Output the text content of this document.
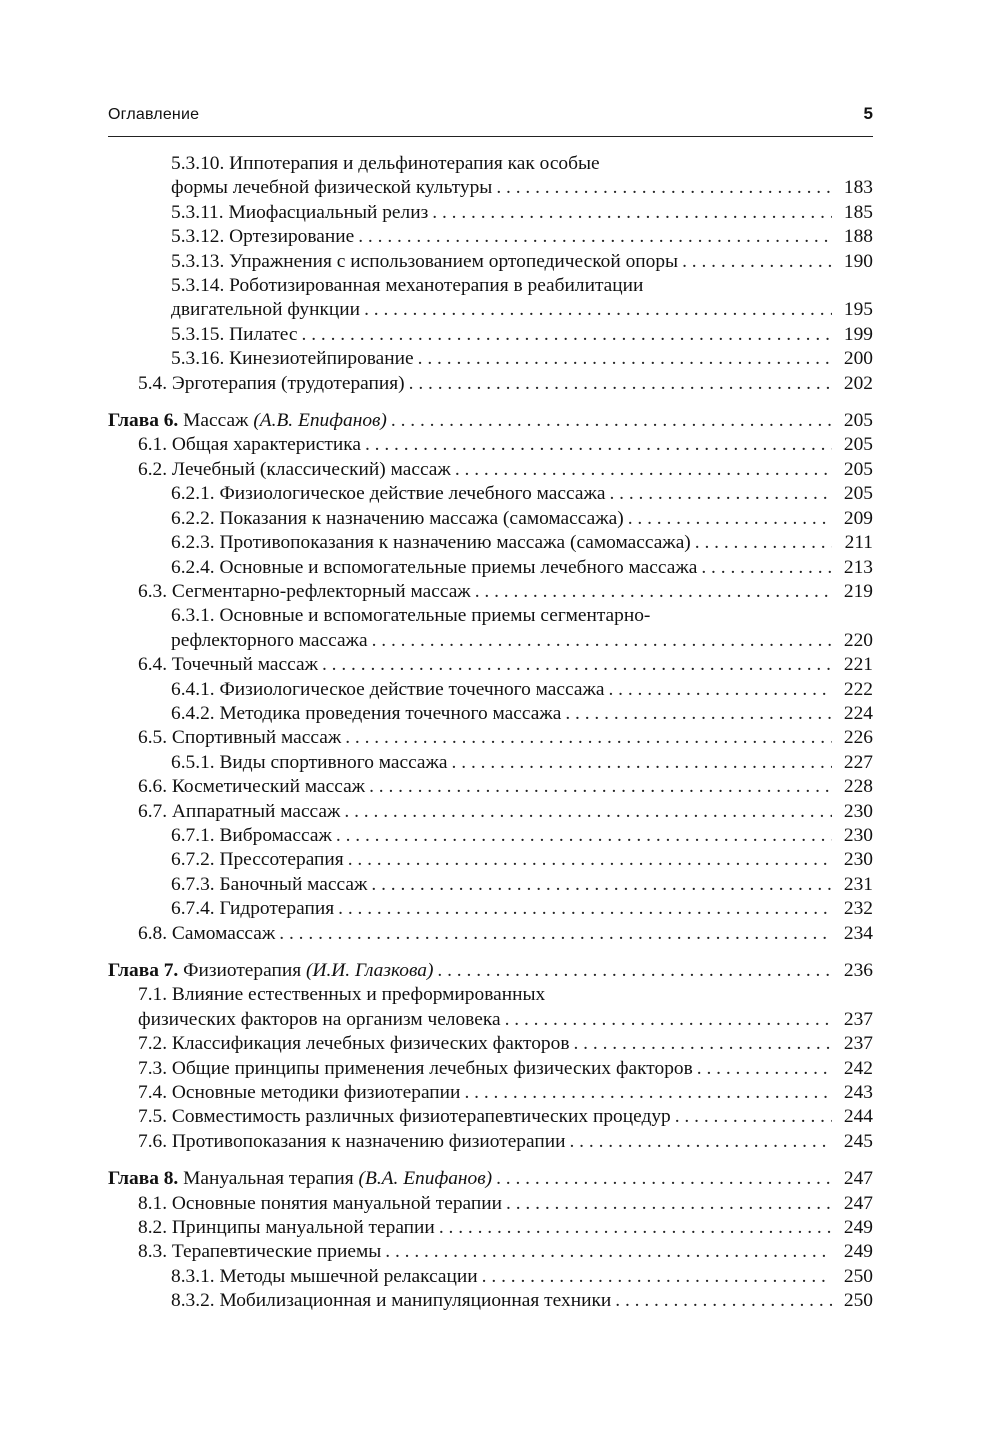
Оглавление	5
5.3.10. Иппотерапия и дельфинотерапия как особые
формы лечебной физической культуры . . .	183
5.3.11. Миофасциальный релиз . . .	185
5.3.12. Ортезирование . . .	188
5.3.13. Упражнения с использованием ортопедической опоры . . .	190
5.3.14. Роботизированная механотерапия в реабилитации
двигательной функции . . .	195
5.3.15. Пилатес . . .	199
5.3.16. Кинезиотейпирование . . .	200
5.4. Эрготерапия (трудотерапия) . . .	202
Глава 6. Массаж (А.В. Епифанов) . . .	205
6.1. Общая характеристика . . .	205
6.2. Лечебный (классический) массаж . . .	205
6.2.1. Физиологическое действие лечебного массажа . . .	205
6.2.2. Показания к назначению массажа (самомассажа) . . .	209
6.2.3. Противопоказания к назначению массажа (самомассажа) . . .	211
6.2.4. Основные и вспомогательные приемы лечебного массажа . . .	213
6.3. Сегментарно-рефлекторный массаж . . .	219
6.3.1. Основные и вспомогательные приемы сегментарно-
рефлекторного массажа . . .	220
6.4. Точечный массаж . . .	221
6.4.1. Физиологическое действие точечного массажа . . .	222
6.4.2. Методика проведения точечного массажа . . .	224
6.5. Спортивный массаж . . .	226
6.5.1. Виды спортивного массажа . . .	227
6.6. Косметический массаж . . .	228
6.7. Аппаратный массаж . . .	230
6.7.1. Вибромассаж . . .	230
6.7.2. Прессотерапия . . .	230
6.7.3. Баночный массаж . . .	231
6.7.4. Гидротерапия . . .	232
6.8. Самомассаж . . .	234
Глава 7. Физиотерапия (И.И. Глазкова) . . .	236
7.1. Влияние естественных и преформированных
физических факторов на организм человека . . .	237
7.2. Классификация лечебных физических факторов . . .	237
7.3. Общие принципы применения лечебных физических факторов . . .	242
7.4. Основные методики физиотерапии . . .	243
7.5. Совместимость различных физиотерапевтических процедур . . .	244
7.6. Противопоказания к назначению физиотерапии . . .	245
Глава 8. Мануальная терапия (В.А. Епифанов) . . .	247
8.1. Основные понятия мануальной терапии . . .	247
8.2. Принципы мануальной терапии . . .	249
8.3. Терапевтические приемы . . .	249
8.3.1. Методы мышечной релаксации . . .	250
8.3.2. Мобилизационная и манипуляционная техники . . .	250
